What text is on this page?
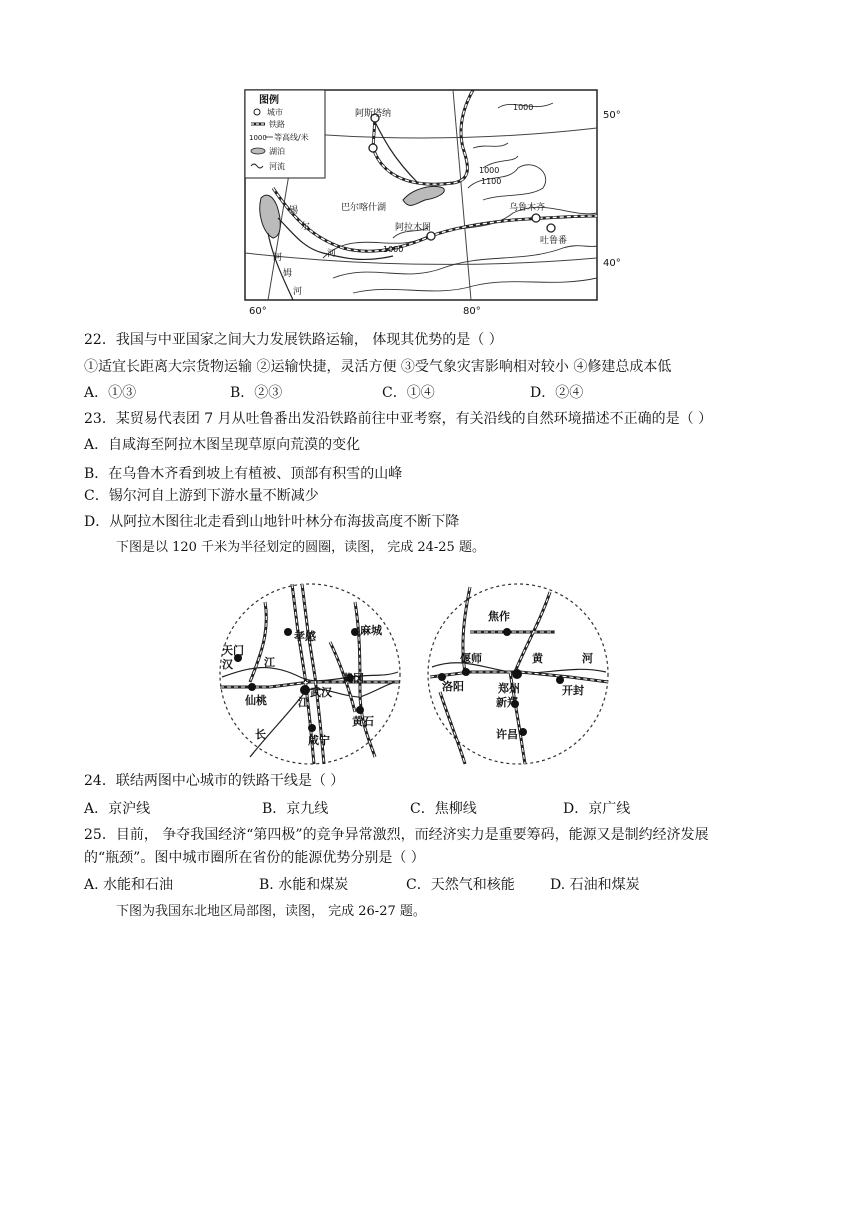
图例
城市
铁路
1000 等高线/米
湖泊
河流
阿斯塔纳
巴尔喀什湖
阿拉木图
乌鲁木齐
吐鲁番
锡
尔
河
阿
姆
河
1000
1000
1100
1000
50°
40°
60°	80°
22．我国与中亚国家之间大力发展铁路运输， 体现其优势的是（ ）
①适宜长距离大宗货物运输 ②运输快捷，灵活方便 ③受气象灾害影响相对较小 ④修建总成本低
A．①③	B．②③	C．①④	D．②④
23．某贸易代表团 7 月从吐鲁番出发沿铁路前往中亚考察，有关沿线的自然环境描述不正确的是（ ）
A．自咸海至阿拉木图呈现草原向荒漠的变化
B．在乌鲁木齐看到坡上有植被、顶部有积雪的山峰
C．锡尔河自上游到下游水量不断减少
D．从阿拉木图往北走看到山地针叶林分布海拔高度不断下降
下图是以 120 千米为半径划定的圆圈，读图， 完成 24-25 题。
天门
汉	江
孝感	麻城
仙桃	江
武汉
黄冈
黄石
长	咸宁
焦作
偃师	黄	河
洛阳	郑州	开封
新郑
许昌
24．联结两图中心城市的铁路干线是（ ）
A．京沪线	B．京九线	C．焦柳线	D．京广线
25．目前， 争夺我国经济“第四极”的竞争异常激烈，而经济实力是重要筹码，能源又是制约经济发展
的“瓶颈”。图中城市圈所在省份的能源优势分别是（ ）
A. 水能和石油	B. 水能和煤炭	C．天然气和核能	D. 石油和煤炭
下图为我国东北地区局部图，读图， 完成 26-27 题。
